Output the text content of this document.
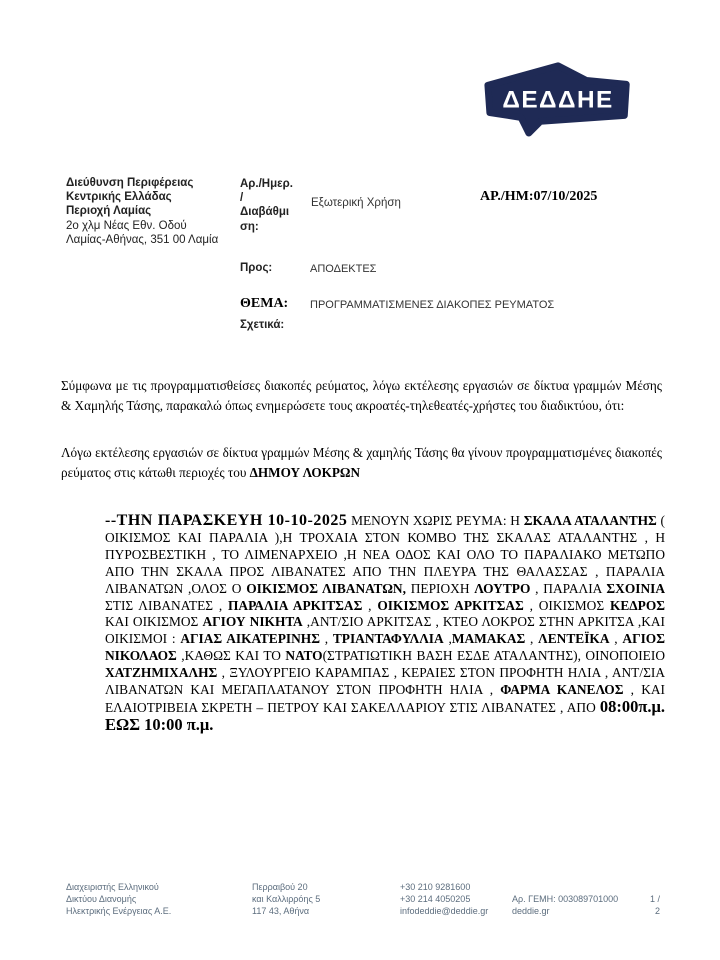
ΔΕΔΔΗΕ
Διεύθυνση Περιφέρειας
Κεντρικής Ελλάδας
Περιοχή Λαμίας
2ο χλμ Νέας Εθν. Οδού
Λαμίας-Αθήνας, 351 00 Λαμία
Αρ./Ημερ.
/
Διαβάθμι
ση:
Εξωτερική Χρήση	ΑΡ./ΗΜ:07/10/2025
Προς:	ΑΠΟΔΕΚΤΕΣ
ΘΕΜΑ: ΠΡΟΓΡΑΜΜΑΤΙΣΜΕΝΕΣ ΔΙΑΚΟΠΕΣ ΡΕΥΜΑΤΟΣ
Σχετικά:
Σύμφωνα με τις προγραμματισθείσες διακοπές ρεύματος, λόγω εκτέλεσης εργασιών σε δίκτυα γραμμών Μέσης & Χαμηλής Τάσης, παρακαλώ όπως ενημερώσετε τους ακροατές-τηλεθεατές-χρήστες του διαδικτύου, ότι:
Λόγω εκτέλεσης εργασιών σε δίκτυα γραμμών Μέσης & χαμηλής Τάσης θα γίνουν προγραμματισμένες διακοπές ρεύματος στις κάτωθι περιοχές του ΔΗΜΟΥ ΛΟΚΡΩΝ
--ΤΗΝ ΠΑΡΑΣΚΕΥΗ 10-10-2025 ΜΕΝΟΥΝ ΧΩΡΙΣ ΡΕΥΜΑ: Η ΣΚΑΛΑ ΑΤΑΛΑΝΤΗΣ ( ΟΙΚΙΣΜΟΣ ΚΑΙ ΠΑΡΑΛΙΑ ),Η ΤΡΟΧΑΙΑ ΣΤΟΝ ΚΟΜΒΟ ΤΗΣ ΣΚΑΛΑΣ ΑΤΑΛΑΝΤΗΣ , Η ΠΥΡΟΣΒΕΣΤΙΚΗ , ΤΟ ΛΙΜΕΝΑΡΧΕΙΟ ,Η ΝΕΑ ΟΔΟΣ ΚΑΙ ΟΛΟ ΤΟ ΠΑΡΑΛΙΑΚΟ ΜΕΤΩΠΟ ΑΠΟ ΤΗΝ ΣΚΑΛΑ ΠΡΟΣ ΛΙΒΑΝΑΤΕΣ ΑΠΟ ΤΗΝ ΠΛΕΥΡΑ ΤΗΣ ΘΑΛΑΣΣΑΣ , ΠΑΡΑΛΙΑ ΛΙΒΑΝΑΤΩΝ ,ΟΛΟΣ Ο ΟΙΚΙΣΜΟΣ ΛΙΒΑΝΑΤΩΝ, ΠΕΡΙΟΧΗ ΛΟΥΤΡΟ , ΠΑΡΑΛΙΑ ΣΧΟΙΝΙΑ ΣΤΙΣ ΛΙΒΑΝΑΤΕΣ , ΠΑΡΑΛΙΑ ΑΡΚΙΤΣΑΣ , ΟΙΚΙΣΜΟΣ ΑΡΚΙΤΣΑΣ , ΟΙΚΙΣΜΟΣ ΚΕΔΡΟΣ ΚΑΙ ΟΙΚΙΣΜΟΣ ΑΓΙΟΥ ΝΙΚΗΤΑ ,ΑΝΤ/ΣΙΟ ΑΡΚΙΤΣΑΣ , ΚΤΕΟ ΛΟΚΡΟΣ ΣΤΗΝ ΑΡΚΙΤΣΑ ,ΚΑΙ ΟΙΚΙΣΜΟΙ : ΑΓΙΑΣ ΑΙΚΑΤΕΡΙΝΗΣ , ΤΡΙΑΝΤΑΦΥΛΛΙΑ ,ΜΑΜΑΚΑΣ , ΛΕΝΤΕΪΚΑ , ΑΓΙΟΣ ΝΙΚΟΛΑΟΣ ,ΚΑΘΩΣ ΚΑΙ ΤΟ ΝΑΤΟ(ΣΤΡΑΤΙΩΤΙΚΗ ΒΑΣΗ ΕΣΔΕ ΑΤΑΛΑΝΤΗΣ), ΟΙΝΟΠΟΙΕΙΟ ΧΑΤΖΗΜΙΧΑΛΗΣ , ΞΥΛΟΥΡΓΕΙΟ ΚΑΡΑΜΠΑΣ , ΚΕΡΑΙΕΣ ΣΤΟΝ ΠΡΟΦΗΤΗ ΗΛΙΑ , ΑΝΤ/ΣΙΑ ΛΙΒΑΝΑΤΩΝ ΚΑΙ ΜΕΓΑΠΛΑΤΑΝΟΥ ΣΤΟΝ ΠΡΟΦΗΤΗ ΗΛΙΑ , ΦΑΡΜΑ ΚΑΝΕΛΟΣ , ΚΑΙ ΕΛΑΙΟΤΡΙΒΕΙΑ ΣΚΡΕΤΗ – ΠΕΤΡΟΥ ΚΑΙ ΣΑΚΕΛΛΑΡΙΟΥ ΣΤΙΣ ΛΙΒΑΝΑΤΕΣ , ΑΠΟ 08:00π.μ. ΕΩΣ 10:00 π.μ.
Διαχειριστής Ελληνικού
Δικτύου Διανομής
Ηλεκτρικής Ενέργειας Α.Ε.
Περραιβού 20
και Καλλιρρόης 5
117 43, Αθήνα
+30 210 9281600
+30 214 4050205
infodeddie@deddie.gr

Αρ. ΓΕΜΗ: 003089701000
deddie.gr

1 /
2
